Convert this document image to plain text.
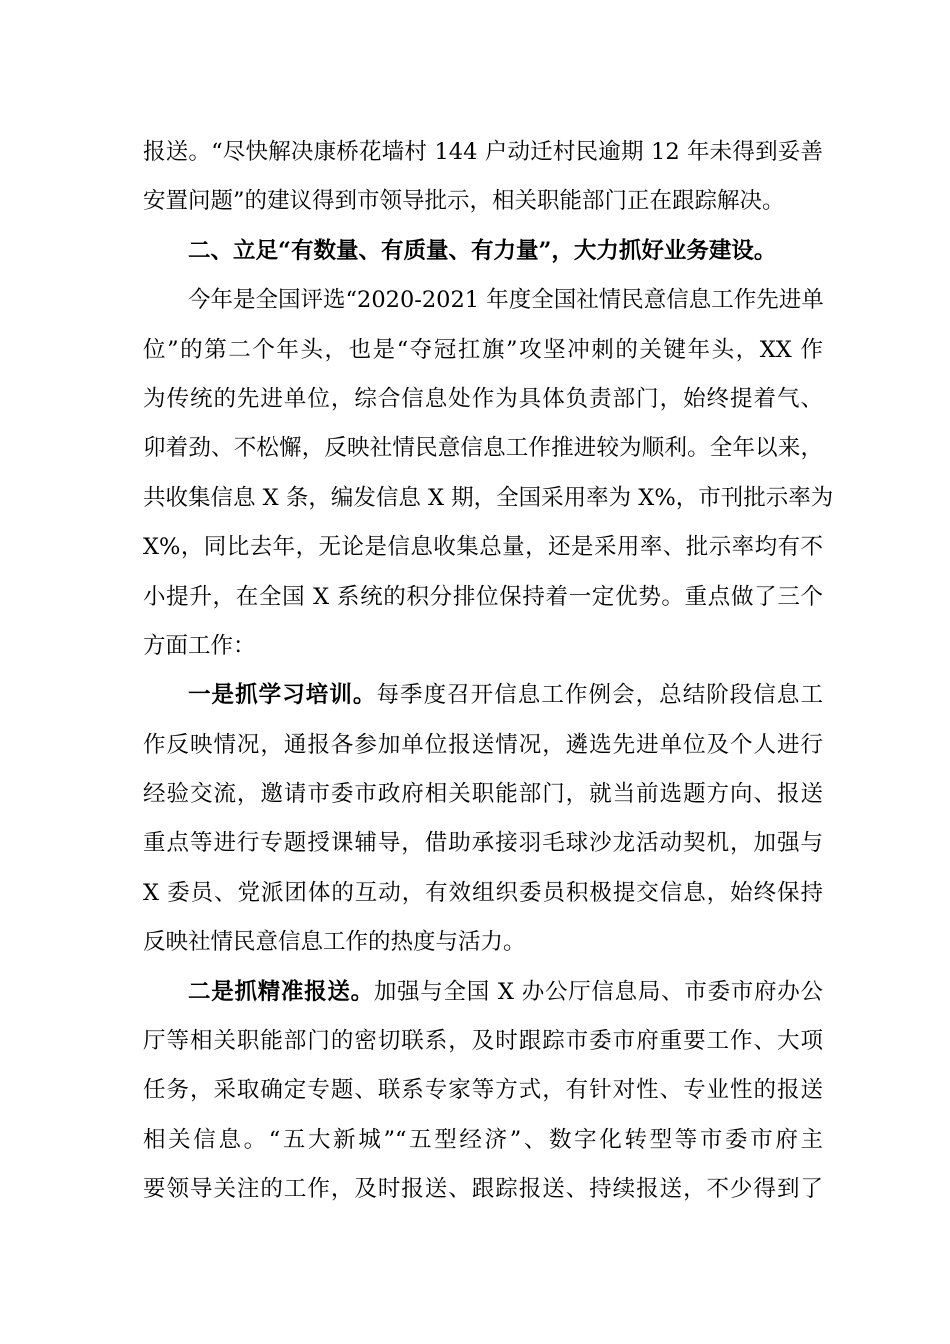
报送。“尽快解决康桥花墙村 144 户动迁村民逾期 12 年未得到妥善
安置问题”的建议得到市领导批示，相关职能部门正在跟踪解决。
二、立足“有数量、有质量、有力量”，大力抓好业务建设。
今年是全国评选“2020-2021 年度全国社情民意信息工作先进单
位”的第二个年头，也是“夺冠扛旗”攻坚冲刺的关键年头，XX 作
为传统的先进单位，综合信息处作为具体负责部门，始终提着气、
卯着劲、不松懈，反映社情民意信息工作推进较为顺利。全年以来，
共收集信息 X 条，编发信息 X 期，全国采用率为 X%，市刊批示率为
X%，同比去年，无论是信息收集总量，还是采用率、批示率均有不
小提升，在全国 X 系统的积分排位保持着一定优势。重点做了三个
方面工作：
一是抓学习培训。每季度召开信息工作例会，总结阶段信息工
作反映情况，通报各参加单位报送情况，遴选先进单位及个人进行
经验交流，邀请市委市政府相关职能部门，就当前选题方向、报送
重点等进行专题授课辅导，借助承接羽毛球沙龙活动契机，加强与
X 委员、党派团体的互动，有效组织委员积极提交信息，始终保持
反映社情民意信息工作的热度与活力。
二是抓精准报送。加强与全国 X 办公厅信息局、市委市府办公
厅等相关职能部门的密切联系，及时跟踪市委市府重要工作、大项
任务，采取确定专题、联系专家等方式，有针对性、专业性的报送
相关信息。“五大新城”“五型经济”、数字化转型等市委市府主
要领导关注的工作，及时报送、跟踪报送、持续报送，不少得到了
